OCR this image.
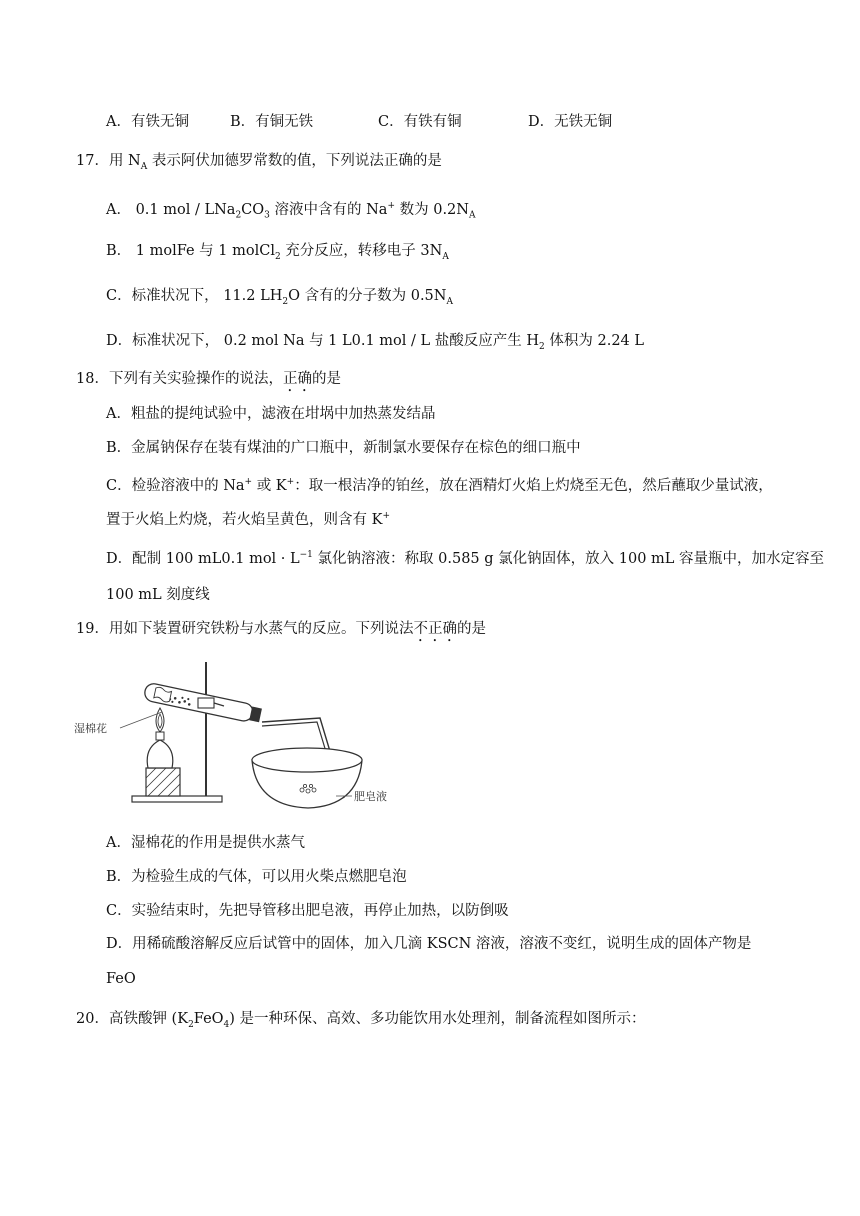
A．有铁无铜	B．有铜无铁	C．有铁有铜	D．无铁无铜
17．用 $N_A$ 表示阿伏加德罗常数的值，下列说法正确的是
A． 0.1 mol / $LNa_2CO_3$ 溶液中含有的 Na+ 数为 $0.2N_A$
B． 1 molFe 与 1 molCl$_2$ 充分反应，转移电子 $3N_A$
C．标准状况下， 11.2 $LH_2O$ 含有的分子数为 $0.5N_A$
D．标准状况下， 0.2 mol Na 与 1 L0.1 mol / L 盐酸反应产生 $H_2$ 体积为 2.24 L
18．下列有关实验操作的说法，正确的是
A．粗盐的提纯试验中，滤液在坩埚中加热蒸发结晶
B．金属钠保存在装有煤油的广口瓶中，新制氯水要保存在棕色的细口瓶中
C．检验溶液中的 Na+ 或 K+：取一根洁净的铂丝，放在酒精灯火焰上灼烧至无色，然后蘸取少量试液，
置于火焰上灼烧，若火焰呈黄色，则含有 K+
D．配制 100 mL0.1 mol · $L^{-1}$ 氯化钠溶液：称取 0.585 g 氯化钠固体，放入 100 mL 容量瓶中，加水定容至
100 mL 刻度线
19．用如下装置研究铁粉与水蒸气的反应。下列说法不正确的是
湿棉花
肥皂液
A．湿棉花的作用是提供水蒸气
B．为检验生成的气体，可以用火柴点燃肥皂泡
C．实验结束时，先把导管移出肥皂液，再停止加热，以防倒吸
D．用稀硫酸溶解反应后试管中的固体，加入几滴 KSCN 溶液，溶液不变红，说明生成的固体产物是
FeO
20．高铁酸钾 $(K_2FeO_4)$ 是一种环保、高效、多功能饮用水处理剂，制备流程如图所示：
